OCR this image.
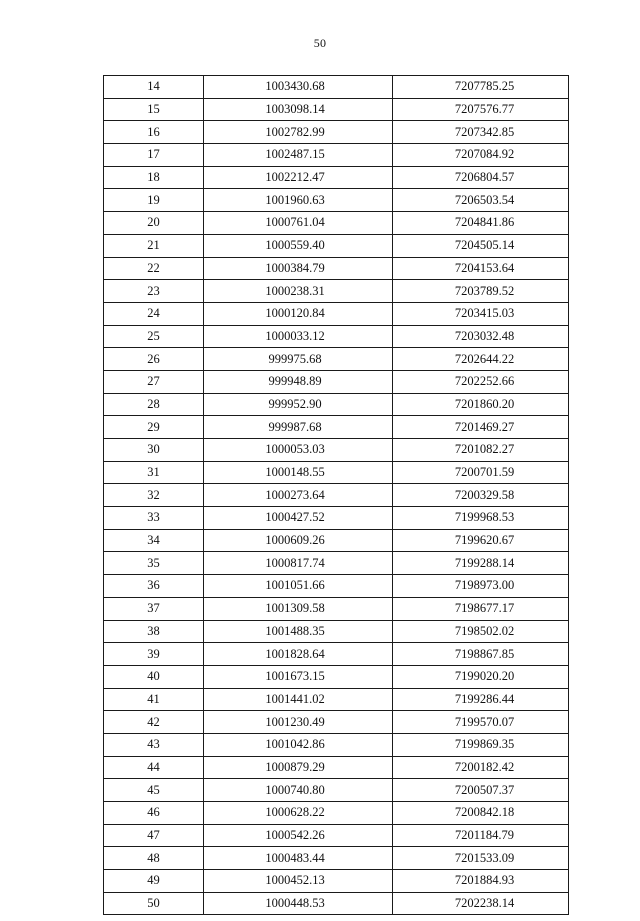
50
14	1003430.68	7207785.25
15	1003098.14	7207576.77
16	1002782.99	7207342.85
17	1002487.15	7207084.92
18	1002212.47	7206804.57
19	1001960.63	7206503.54
20	1000761.04	7204841.86
21	1000559.40	7204505.14
22	1000384.79	7204153.64
23	1000238.31	7203789.52
24	1000120.84	7203415.03
25	1000033.12	7203032.48
26	999975.68	7202644.22
27	999948.89	7202252.66
28	999952.90	7201860.20
29	999987.68	7201469.27
30	1000053.03	7201082.27
31	1000148.55	7200701.59
32	1000273.64	7200329.58
33	1000427.52	7199968.53
34	1000609.26	7199620.67
35	1000817.74	7199288.14
36	1001051.66	7198973.00
37	1001309.58	7198677.17
38	1001488.35	7198502.02
39	1001828.64	7198867.85
40	1001673.15	7199020.20
41	1001441.02	7199286.44
42	1001230.49	7199570.07
43	1001042.86	7199869.35
44	1000879.29	7200182.42
45	1000740.80	7200507.37
46	1000628.22	7200842.18
47	1000542.26	7201184.79
48	1000483.44	7201533.09
49	1000452.13	7201884.93
50	1000448.53	7202238.14
